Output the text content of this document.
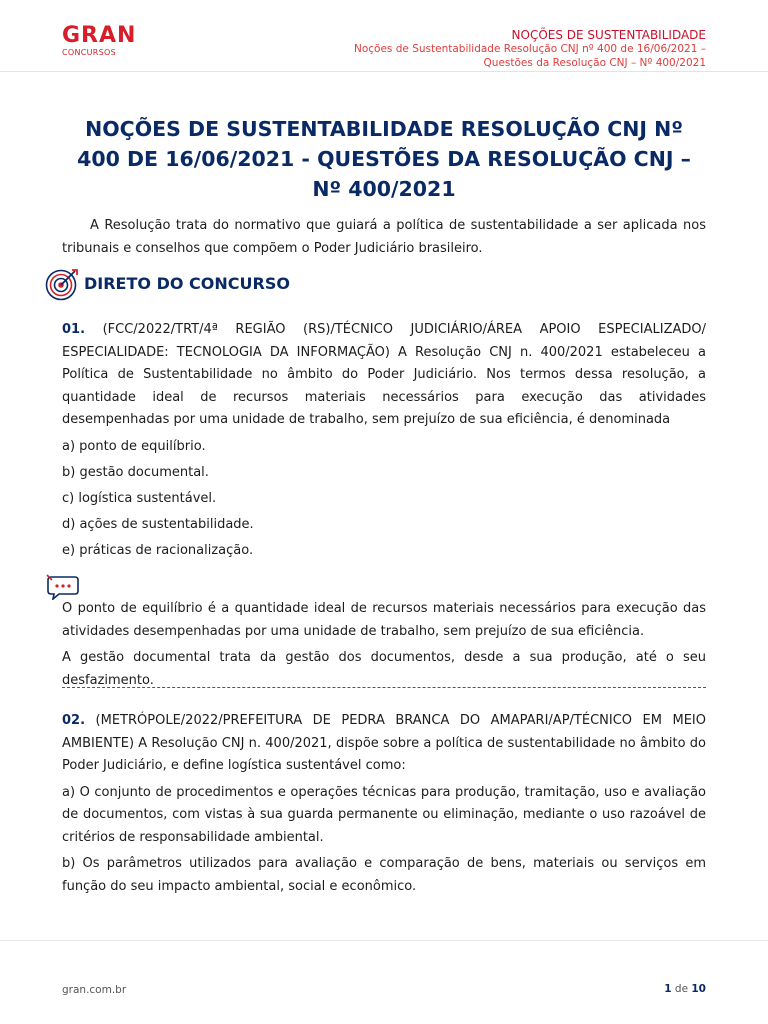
GRAN
CONCURSOS
NOÇÕES DE SUSTENTABILIDADE
Noções de Sustentabilidade Resolução CNJ nº 400 de 16/06/2021 –
Questões da Resolução CNJ – Nº 400/2021
NOÇÕES DE SUSTENTABILIDADE RESOLUÇÃO CNJ Nº 400 DE 16/06/2021 - QUESTÕES DA RESOLUÇÃO CNJ – Nº 400/2021

A Resolução trata do normativo que guiará a política de sustentabilidade a ser aplicada nos tribunais e conselhos que compõem o Poder Judiciário brasileiro.

DIRETO DO CONCURSO

01. (FCC/2022/TRT/4ª REGIÃO (RS)/TÉCNICO JUDICIÁRIO/ÁREA APOIO ESPECIALIZADO/ ESPECIALIDADE: TECNOLOGIA DA INFORMAÇÃO) A Resolução CNJ n. 400/2021 estabeleceu a Política de Sustentabilidade no âmbito do Poder Judiciário. Nos termos dessa resolução, a quantidade ideal de recursos materiais necessários para execução das atividades desempenhadas por uma unidade de trabalho, sem prejuízo de sua eficiência, é denominada

a) ponto de equilíbrio.

b) gestão documental.

c) logística sustentável.

d) ações de sustentabilidade.

e) práticas de racionalização.

O ponto de equilíbrio é a quantidade ideal de recursos materiais necessários para execução das atividades desempenhadas por uma unidade de trabalho, sem prejuízo de sua eficiência.

A gestão documental trata da gestão dos documentos, desde a sua produção, até o seu desfazimento.

02. (METRÓPOLE/2022/PREFEITURA DE PEDRA BRANCA DO AMAPARI/AP/TÉCNICO EM MEIO AMBIENTE) A Resolução CNJ n. 400/2021, dispõe sobre a política de sustentabilidade no âmbito do Poder Judiciário, e define logística sustentável como:

a) O conjunto de procedimentos e operações técnicas para produção, tramitação, uso e avaliação de documentos, com vistas à sua guarda permanente ou eliminação, mediante o uso razoável de critérios de responsabilidade ambiental.

b) Os parâmetros utilizados para avaliação e comparação de bens, materiais ou serviços em função do seu impacto ambiental, social e econômico.

gran.com.br	1 de 10
